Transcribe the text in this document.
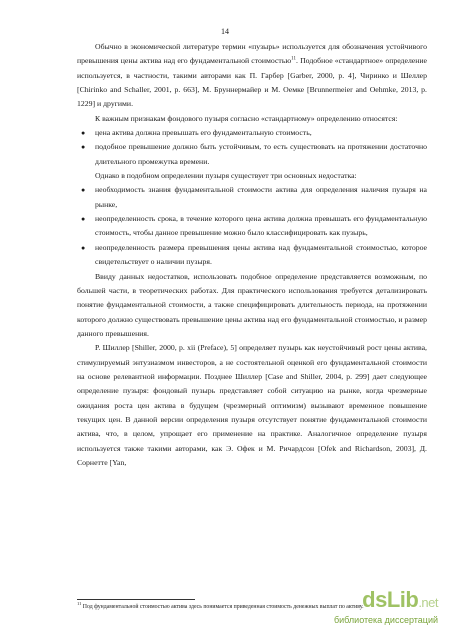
14

Обычно в экономической литературе термин «пузырь» используется для обозначения устойчивого превышения цены актива над его фундаментальной стоимостью$^{11}$. Подобное «стандартное» определение используется, в частности, такими авторами как П. Гарбер [Garber, 2000, p. 4], Чиринко и Шеллер [Chirinko and Schaller, 2001, p. 663], М. Бруннермайер и М. Оемке [Brunnermeier and Oehmke, 2013, p. 1229] и другими.

К важным признакам фондового пузыря согласно «стандартному» определению относятся:

● цена актива должна превышать его фундаментальную стоимость,
● подобное превышение должно быть устойчивым, то есть существовать на протяжении достаточно длительного промежутка времени.

Однако в подобном определении пузыря существует три основных недостатка:

● необходимость знания фундаментальной стоимости актива для определения наличия пузыря на рынке,
● неопределенность срока, в течение которого цена актива должна превышать его фундаментальную стоимость, чтобы данное превышение можно было классифицировать как пузырь,
● неопределенность размера превышения цены актива над фундаментальной стоимостью, которое свидетельствует о наличии пузыря.

Ввиду данных недостатков, использовать подобное определение представляется возможным, по большей части, в теоретических работах. Для практического использования требуется детализировать понятие фундаментальной стоимости, а также специфицировать длительность периода, на протяжении которого должно существовать превышение цены актива над его фундаментальной стоимостью, и размер данного превышения.

Р. Шиллер [Shiller, 2000, p. xii (Preface), 5] определяет пузырь как неустойчивый рост цены актива, стимулируемый энтузиазмом инвесторов, а не состоятельной оценкой его фундаментальной стоимости на основе релевантной информации. Позднее Шиллер [Case and Shiller, 2004, p. 299] дает следующее определение пузыря: фондовый пузырь представляет собой ситуацию на рынке, когда чрезмерные ожидания роста цен актива в будущем (чрезмерный оптимизм) вызывают временное повышение текущих цен. В данной версии определения пузыря отсутствует понятие фундаментальной стоимости актива, что, в целом, упрощает его применение на практике. Аналогичное определение пузыря используется также такими авторами, как Э. Офек и М. Ричардсон [Ofek and Richardson, 2003], Д. Сорнетте [Yan,

$^{11}$ Под фундаментальной стоимостью актива здесь понимается приведенная стоимость денежных выплат по активу.
dsLib.net
библиотека диссертаций
